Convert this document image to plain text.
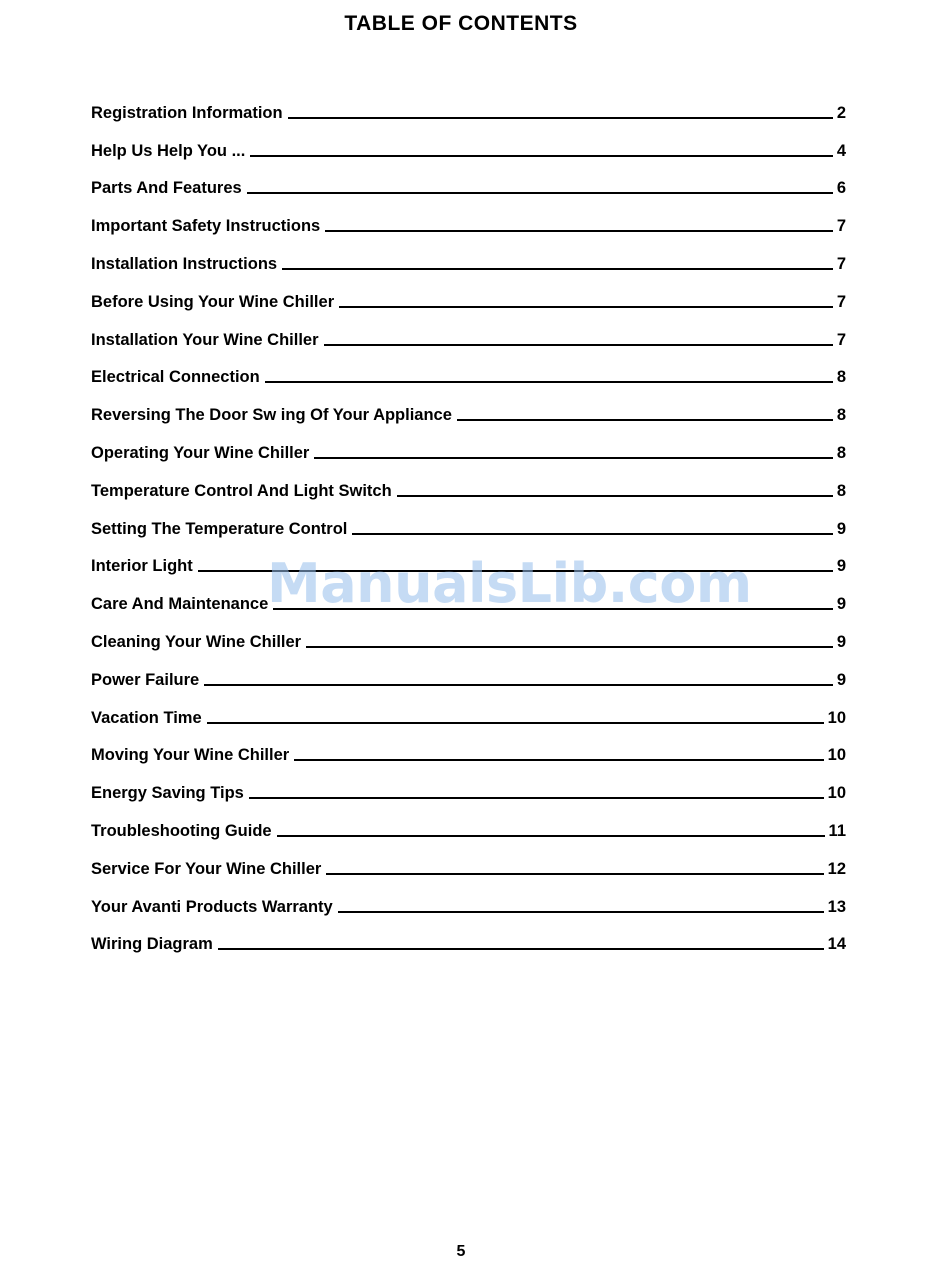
TABLE OF CONTENTS
Registration Information	2
Help Us Help You ...	4
Parts And Features	6
Important Safety Instructions	7
Installation Instructions	7
Before Using Your Wine Chiller	7
Installation Your Wine Chiller	7
Electrical Connection	8
Reversing The Door Sw ing Of Your Appliance	8
Operating Your Wine Chiller	8
Temperature Control And Light Switch	8
Setting The Temperature Control	9
Interior Light	9
Care And Maintenance	9
Cleaning Your Wine Chiller	9
Power Failure	9
Vacation Time	10
Moving Your Wine Chiller	10
Energy Saving Tips	10
Troubleshooting Guide	11
Service For Your Wine Chiller	12
Your Avanti Products Warranty	13
Wiring Diagram	14
ManualsLib.com
5
